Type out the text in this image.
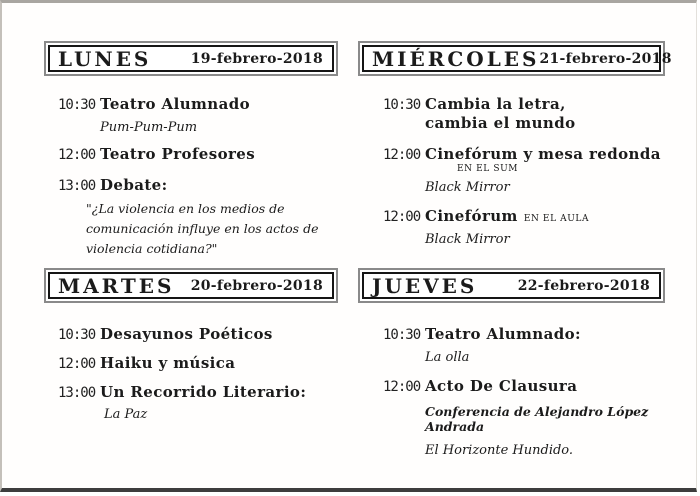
LUNES	19-febrero-2018
10:30 Teatro Alumnado
Pum-Pum-Pum
12:00 Teatro Profesores
13:00 Debate:
"¿La violencia en los medios de comunicación influye en los actos de violencia cotidiana?"
MIÉRCOLES 21-febrero-2018
10:30 Cambia la letra,
cambia el mundo
12:00 Cinefórum y mesa redonda
EN EL SUM
Black Mirror
12:00 Cinefórum EN EL AULA
Black Mirror
MARTES 20-febrero-2018
10:30 Desayunos Poéticos
12:00 Haiku y música
13:00 Un Recorrido Literario:
La Paz
JUEVES	22-febrero-2018
10:30 Teatro Alumnado:
La olla
12:00 Acto De Clausura
Conferencia de Alejandro López Andrada
El Horizonte Hundido.
